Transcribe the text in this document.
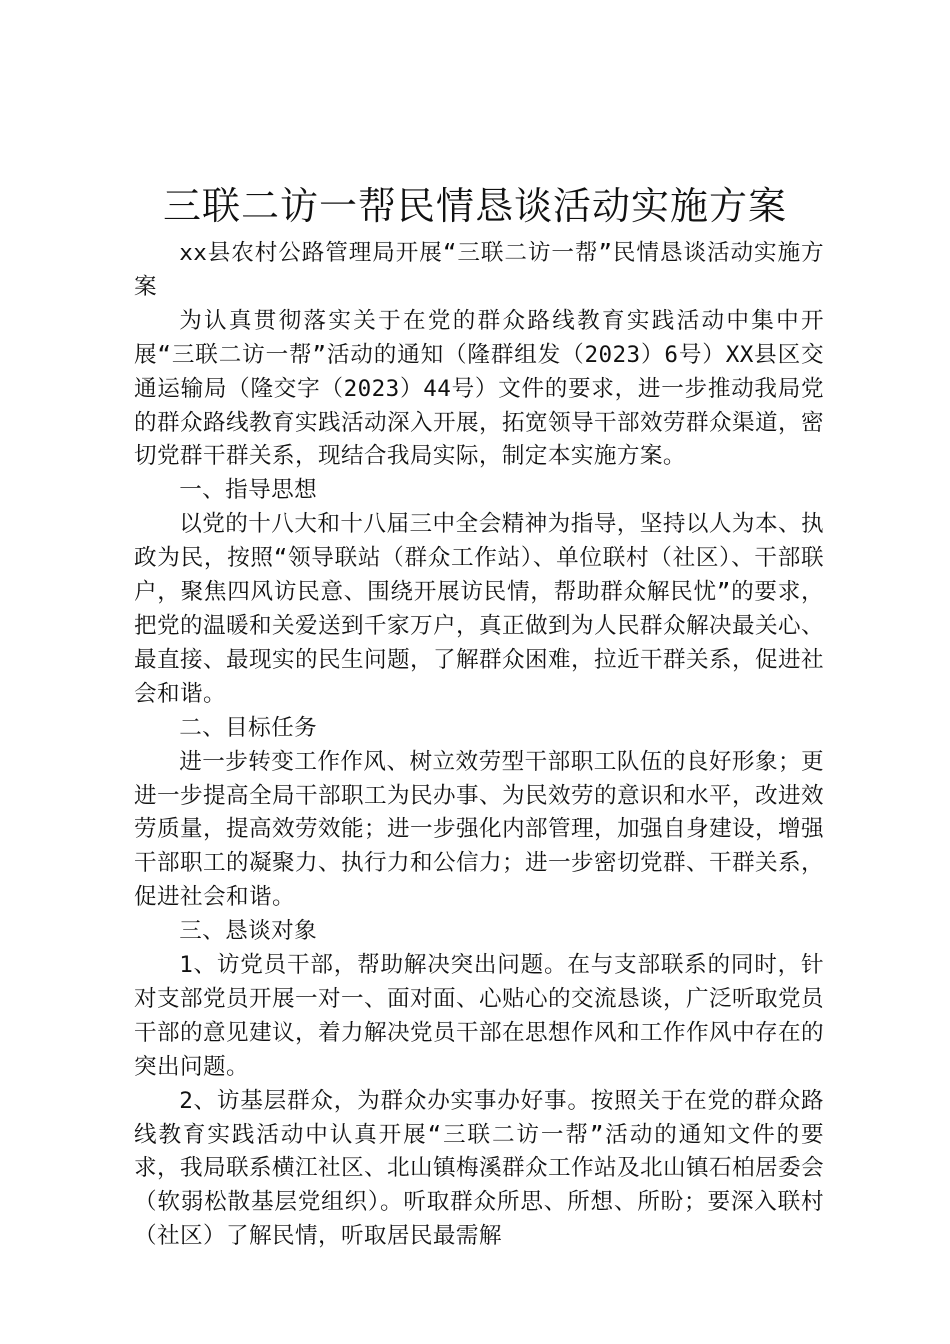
三联二访一帮民情恳谈活动实施方案

xx县农村公路管理局开展“三联二访一帮”民情恳谈活动实施方案

为认真贯彻落实关于在党的群众路线教育实践活动中集中开展“三联二访一帮”活动的通知（隆群组发（2023）6号）XX县区交通运输局（隆交字（2023）44号）文件的要求，进一步推动我局党的群众路线教育实践活动深入开展，拓宽领导干部效劳群众渠道，密切党群干群关系，现结合我局实际，制定本实施方案。

一、指导思想

以党的十八大和十八届三中全会精神为指导，坚持以人为本、执政为民，按照“领导联站（群众工作站）、单位联村（社区）、干部联户，聚焦四风访民意、围绕开展访民情，帮助群众解民忧”的要求，把党的温暖和关爱送到千家万户，真正做到为人民群众解决最关心、最直接、最现实的民生问题，了解群众困难，拉近干群关系，促进社会和谐。

二、目标任务

进一步转变工作作风、树立效劳型干部职工队伍的良好形象；更进一步提高全局干部职工为民办事、为民效劳的意识和水平，改进效劳质量，提高效劳效能；进一步强化内部管理，加强自身建设，增强干部职工的凝聚力、执行力和公信力；进一步密切党群、干群关系，促进社会和谐。

三、恳谈对象

1、访党员干部，帮助解决突出问题。在与支部联系的同时，针对支部党员开展一对一、面对面、心贴心的交流恳谈，广泛听取党员干部的意见建议，着力解决党员干部在思想作风和工作作风中存在的突出问题。

2、访基层群众，为群众办实事办好事。按照关于在党的群众路线教育实践活动中认真开展“三联二访一帮”活动的通知文件的要求，我局联系横江社区、北山镇梅溪群众工作站及北山镇石柏居委会（软弱松散基层党组织）。听取群众所思、所想、所盼；要深入联村（社区）了解民情，听取居民最需解
